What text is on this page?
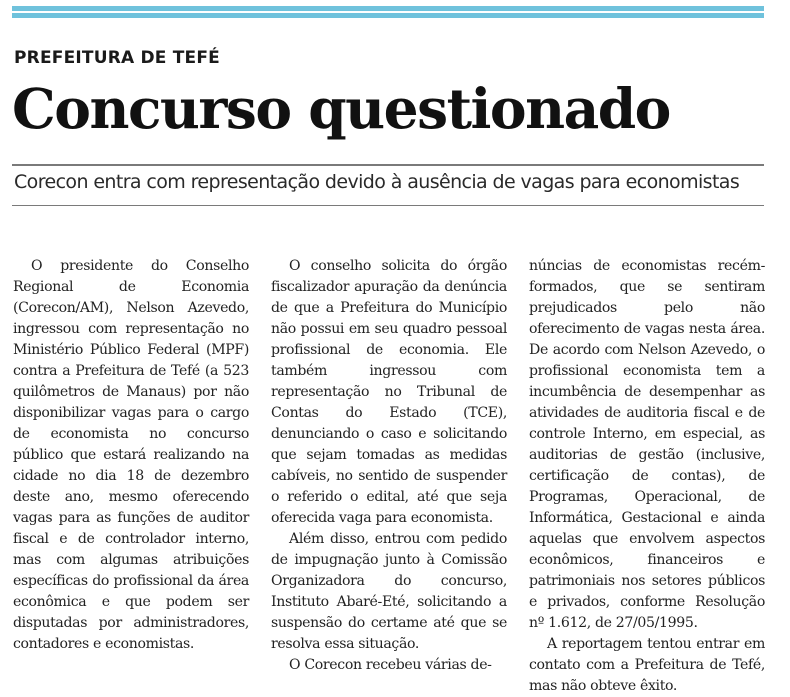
PREFEITURA DE TEFÉ
Concurso questionado
Corecon entra com representação devido à ausência de vagas para economistas

O presidente do Conselho Regional de Economia (Corecon/AM), Nelson Azevedo, ingressou com representação no Ministério Público Federal (MPF) contra a Prefeitura de Tefé (a 523 quilômetros de Manaus) por não disponibilizar vagas para o cargo de economista no concurso público que estará realizando na cidade no dia 18 de dezembro deste ano, mesmo oferecendo vagas para as funções de auditor fiscal e de controlador interno, mas com algumas atribuições específicas do profissional da área econômica e que podem ser disputadas por administradores, contadores e economistas.

O conselho solicita do órgão fiscalizador apuração da denúncia de que a Prefeitura do Município não possui em seu quadro pessoal profissional de economia. Ele também ingressou com representação no Tribunal de Contas do Estado (TCE), denunciando o caso e solicitando que sejam tomadas as medidas cabíveis, no sentido de suspender o referido o edital, até que seja oferecida vaga para economista.

Além disso, entrou com pedido de impugnação junto à Comissão Organizadora do concurso, Instituto Abaré-Eté, solicitando a suspensão do certame até que se resolva essa situação.

O Corecon recebeu várias de-

núncias de economistas recém-formados, que se sentiram prejudicados pelo não oferecimento de vagas nesta área. De acordo com Nelson Azevedo, o profissional economista tem a incumbência de desempenhar as atividades de auditoria fiscal e de controle Interno, em especial, as auditorias de gestão (inclusive, certificação de contas), de Programas, Operacional, de Informática, Gestacional e ainda aquelas que envolvem aspectos econômicos, financeiros e patrimoniais nos setores públicos e privados, conforme Resolução nº 1.612, de 27/05/1995.

A reportagem tentou entrar em contato com a Prefeitura de Tefé, mas não obteve êxito.
